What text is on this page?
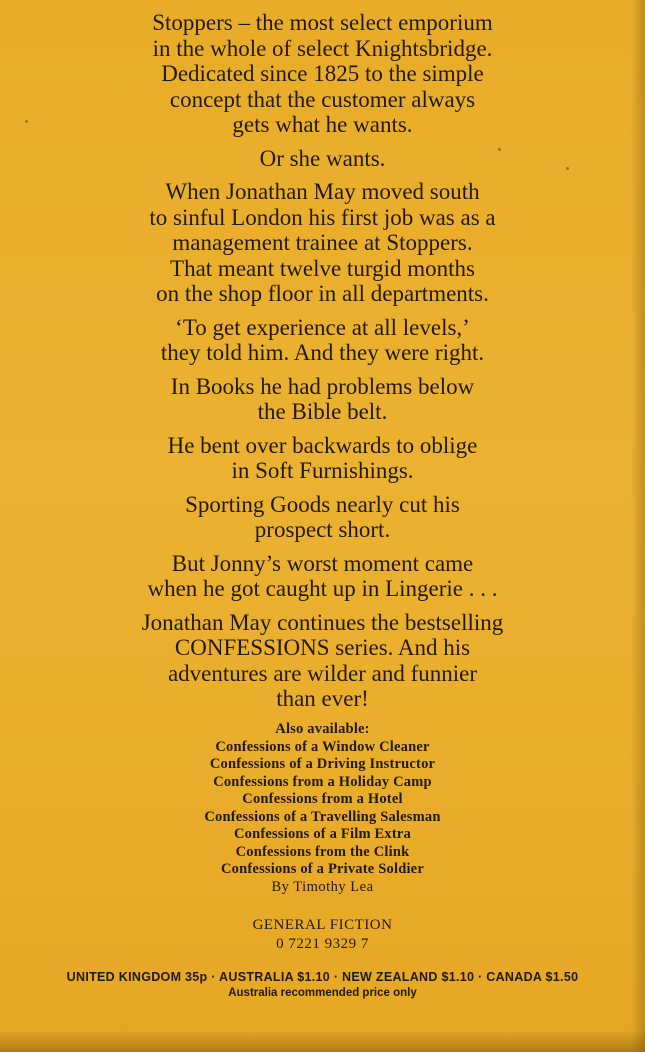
Stoppers – the most select emporium
in the whole of select Knightsbridge.
Dedicated since 1825 to the simple
concept that the customer always
gets what he wants.
Or she wants.
When Jonathan May moved south
to sinful London his first job was as a
management trainee at Stoppers.
That meant twelve turgid months
on the shop floor in all departments.
‘To get experience at all levels,’
they told him. And they were right.
In Books he had problems below
the Bible belt.
He bent over backwards to oblige
in Soft Furnishings.
Sporting Goods nearly cut his
prospect short.
But Jonny’s worst moment came
when he got caught up in Lingerie . . .
Jonathan May continues the bestselling
CONFESSIONS series. And his
adventures are wilder and funnier
than ever!
Also available:
Confessions of a Window Cleaner
Confessions of a Driving Instructor
Confessions from a Holiday Camp
Confessions from a Hotel
Confessions of a Travelling Salesman
Confessions of a Film Extra
Confessions from the Clink
Confessions of a Private Soldier
By Timothy Lea
GENERAL FICTION
0 7221 9329 7
UNITED KINGDOM 35p · AUSTRALIA $1.10 · NEW ZEALAND $1.10 · CANADA $1.50
Australia recommended price only
